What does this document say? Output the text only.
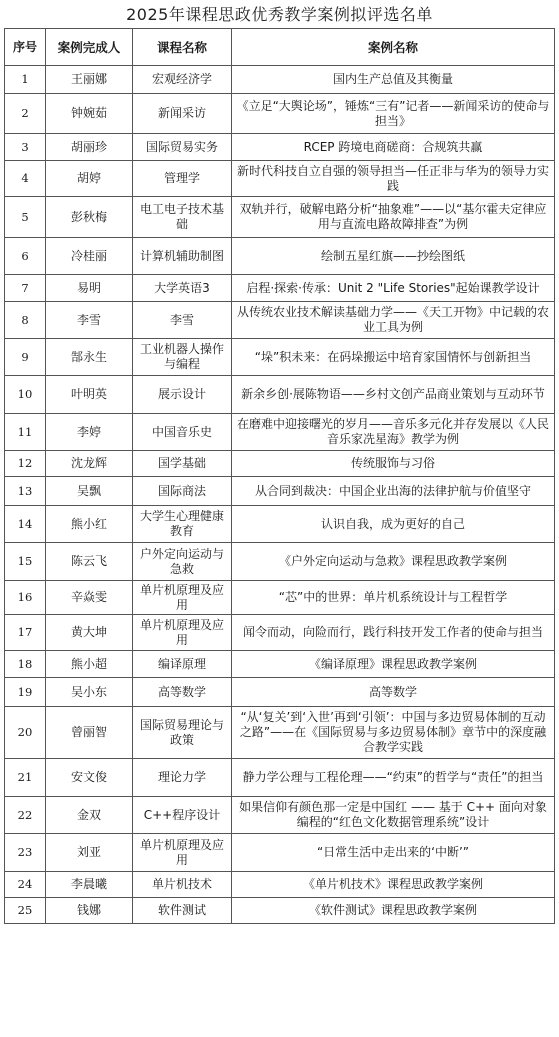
2025年课程思政优秀教学案例拟评选名单
序号	案例完成人	课程名称	案例名称
1	王丽娜	宏观经济学	国内生产总值及其衡量
2	钟婉茹	新闻采访	《立足“大舆论场”，锤炼“三有”记者——新闻采访的使命与担当》
3	胡丽珍	国际贸易实务	RCEP 跨境电商磋商：合规筑共赢
4	胡婷	管理学	新时代科技自立自强的领导担当—任正非与华为的领导力实践
5	彭秋梅	电工电子技术基础	双轨并行，破解电路分析“抽象难”——以“基尔霍夫定律应用与直流电路故障排查”为例
6	冷桂丽	计算机辅助制图	绘制五星红旗——抄绘图纸
7	易明	大学英语3	启程·探索·传承：Unit 2 "Life Stories"起始课教学设计
8	李雪	李雪	从传统农业技术解读基础力学——《天工开物》中记载的农业工具为例
9	郜永生	工业机器人操作与编程	“垛”积未来：在码垛搬运中培育家国情怀与创新担当
10	叶明英	展示设计	新余乡创·展陈物语——乡村文创产品商业策划与互动环节
11	李婷	中国音乐史	在磨难中迎接曙光的岁月——音乐多元化并存发展以《人民音乐家冼星海》教学为例
12	沈龙辉	国学基础	传统服饰与习俗
13	吴飘	国际商法	从合同到裁决：中国企业出海的法律护航与价值坚守
14	熊小红	大学生心理健康教育	认识自我，成为更好的自己
15	陈云飞	户外定向运动与急救	《户外定向运动与急救》课程思政教学案例
16	辛焱雯	单片机原理及应用	“芯”中的世界：单片机系统设计与工程哲学
17	黄大坤	单片机原理及应用	闻令而动，向险而行，践行科技开发工作者的使命与担当
18	熊小超	编译原理	《编译原理》课程思政教学案例
19	吴小东	高等数学	高等数学
20	曾丽智	国际贸易理论与政策	“从‘复关’到‘入世’再到‘引领’：中国与多边贸易体制的互动之路”——在《国际贸易与多边贸易体制》章节中的深度融合教学实践
21	安文俊	理论力学	静力学公理与工程伦理——“约束”的哲学与“责任”的担当
22	金双	C++程序设计	如果信仰有颜色那一定是中国红 —— 基于 C++ 面向对象编程的“红色文化数据管理系统”设计
23	刘亚	单片机原理及应用	“日常生活中走出来的‘中断’”
24	李晨曦	单片机技术	《单片机技术》课程思政教学案例
25	钱娜	软件测试	《软件测试》课程思政教学案例
